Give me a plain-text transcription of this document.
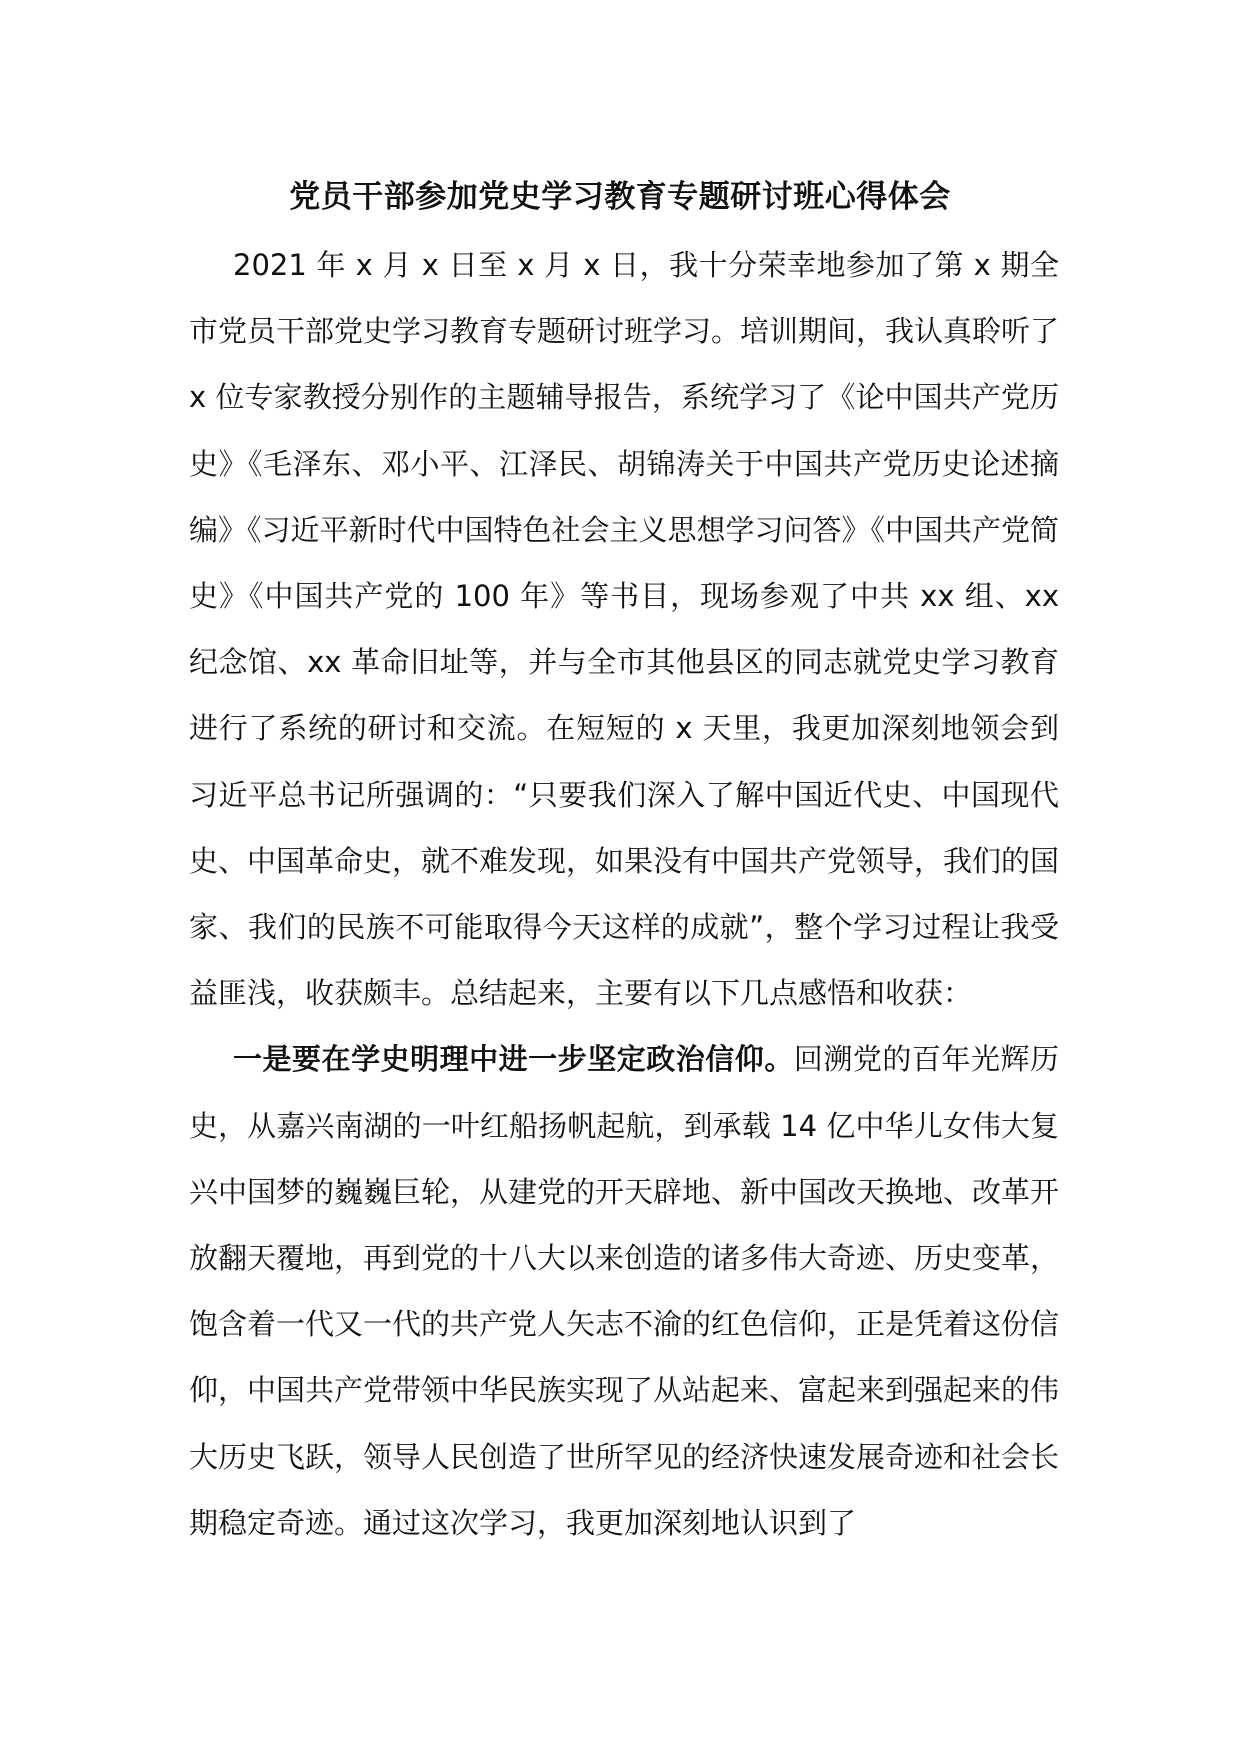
党员干部参加党史学习教育专题研讨班心得体会

2021 年 x 月 x 日至 x 月 x 日，我十分荣幸地参加了第 x 期全市党员干部党史学习教育专题研讨班学习。培训期间，我认真聆听了 x 位专家教授分别作的主题辅导报告，系统学习了《论中国共产党历史》《毛泽东、邓小平、江泽民、胡锦涛关于中国共产党历史论述摘编》《习近平新时代中国特色社会主义思想学习问答》《中国共产党简史》《中国共产党的 100 年》等书目，现场参观了中共 xx 组、xx 纪念馆、xx 革命旧址等，并与全市其他县区的同志就党史学习教育进行了系统的研讨和交流。在短短的 x 天里，我更加深刻地领会到习近平总书记所强调的：“只要我们深入了解中国近代史、中国现代史、中国革命史，就不难发现，如果没有中国共产党领导，我们的国家、我们的民族不可能取得今天这样的成就”，整个学习过程让我受益匪浅，收获颇丰。总结起来，主要有以下几点感悟和收获：

一是要在学史明理中进一步坚定政治信仰。回溯党的百年光辉历史，从嘉兴南湖的一叶红船扬帆起航，到承载 14 亿中华儿女伟大复兴中国梦的巍巍巨轮，从建党的开天辟地、新中国改天换地、改革开放翻天覆地，再到党的十八大以来创造的诸多伟大奇迹、历史变革，饱含着一代又一代的共产党人矢志不渝的红色信仰，正是凭着这份信仰，中国共产党带领中华民族实现了从站起来、富起来到强起来的伟大历史飞跃，领导人民创造了世所罕见的经济快速发展奇迹和社会长期稳定奇迹。通过这次学习，我更加深刻地认识到了
